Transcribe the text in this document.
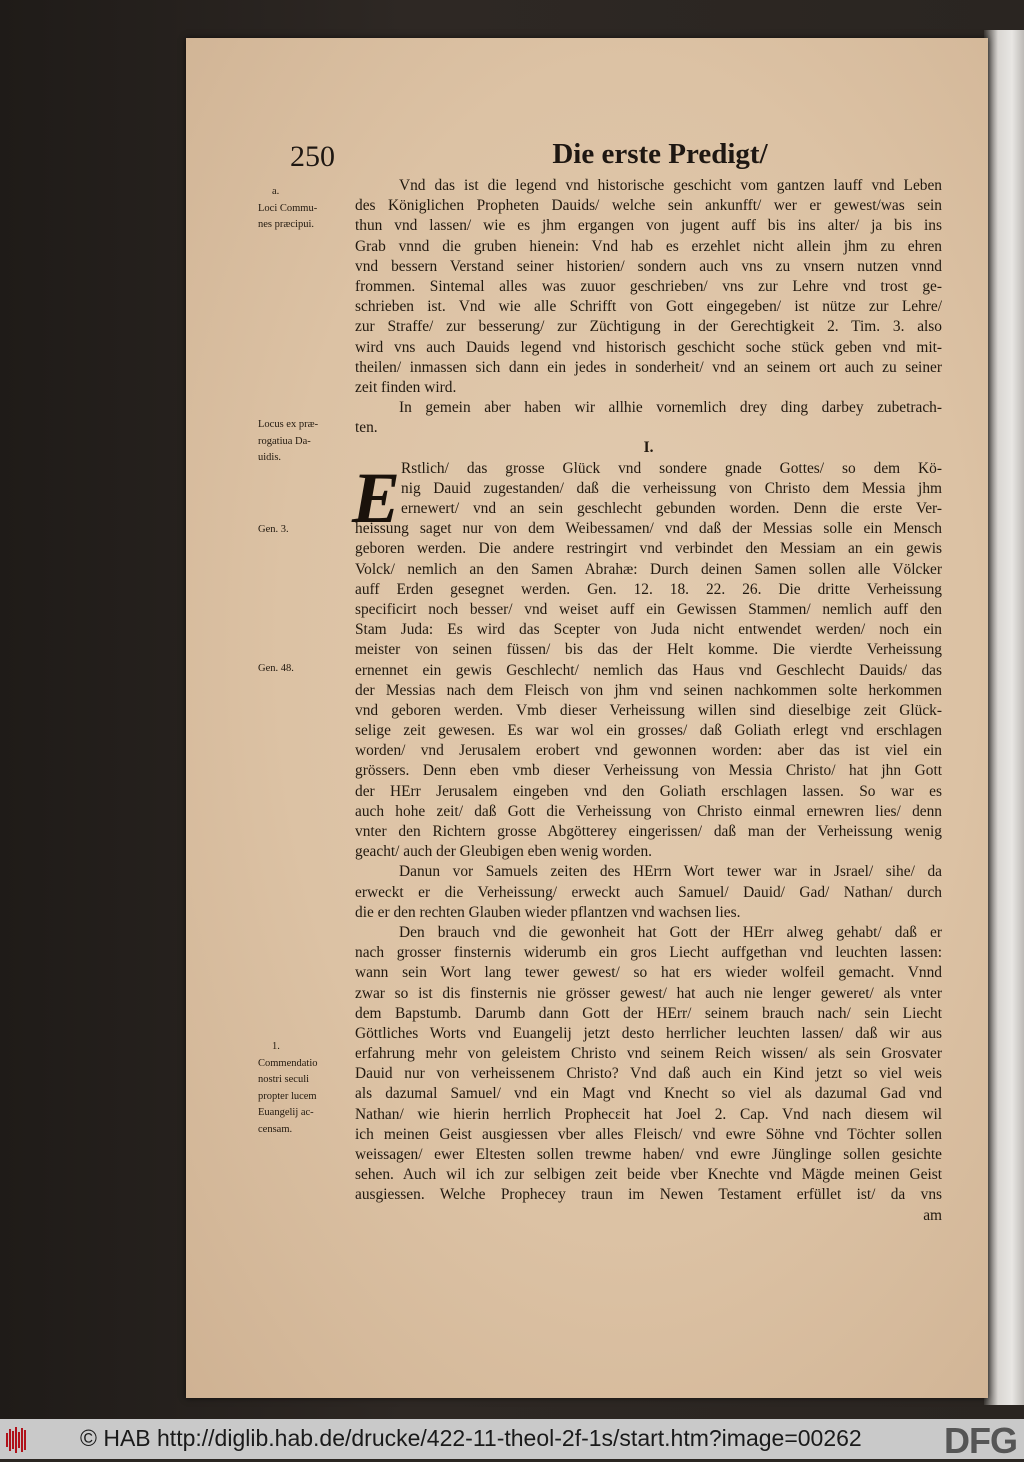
250	Die erste Predigt/
E
Vnd das ist die legend vnd historische geschicht vom gantzen lauff vnd Leben
des Königlichen Propheten Dauids/ welche sein ankunfft/ wer er gewest/was sein
thun vnd lassen/ wie es jhm ergangen von jugent auff bis ins alter/ ja bis ins
Grab vnnd die gruben hienein: Vnd hab es erzehlet nicht allein jhm zu ehren
vnd bessern Verstand seiner historien/ sondern auch vns zu vnsern nutzen vnnd
frommen. Sintemal alles was zuuor geschrieben/ vns zur Lehre vnd trost ge-
schrieben ist. Vnd wie alle Schrifft von Gott eingegeben/ ist nütze zur Lehre/
zur Straffe/ zur besserung/ zur Züchtigung in der Gerechtigkeit 2. Tim. 3. also
wird vns auch Dauids legend vnd historisch geschicht soche stück geben vnd mit-
theilen/ inmassen sich dann ein jedes in sonderheit/ vnd an seinem ort auch zu seiner
zeit finden wird.
In gemein aber haben wir allhie vornemlich drey ding darbey zubetrach-
ten.
I.
Rstlich/ das grosse Glück vnd sondere gnade Gottes/ so dem Kö-
nig Dauid zugestanden/ daß die verheissung von Christo dem Messia jhm
ernewert/ vnd an sein geschlecht gebunden worden. Denn die erste Ver-
heissung saget nur von dem Weibessamen/ vnd daß der Messias solle ein Mensch
geboren werden. Die andere restringirt vnd verbindet den Messiam an ein gewis
Volck/ nemlich an den Samen Abrahæ: Durch deinen Samen sollen alle Völcker
auff Erden gesegnet werden. Gen. 12. 18. 22. 26. Die dritte Verheissung
specificirt noch besser/ vnd weiset auff ein Gewissen Stammen/ nemlich auff den
Stam Juda: Es wird das Scepter von Juda nicht entwendet werden/ noch ein
meister von seinen füssen/ bis das der Helt komme. Die vierdte Verheissung
ernennet ein gewis Geschlecht/ nemlich das Haus vnd Geschlecht Dauids/ das
der Messias nach dem Fleisch von jhm vnd seinen nachkommen solte herkommen
vnd geboren werden. Vmb dieser Verheissung willen sind dieselbige zeit Glück-
selige zeit gewesen. Es war wol ein grosses/ daß Goliath erlegt vnd erschlagen
worden/ vnd Jerusalem erobert vnd gewonnen worden: aber das ist viel ein
grössers. Denn eben vmb dieser Verheissung von Messia Christo/ hat jhn Gott
der HErr Jerusalem eingeben vnd den Goliath erschlagen lassen. So war es
auch hohe zeit/ daß Gott die Verheissung von Christo einmal ernewren lies/ denn
vnter den Richtern grosse Abgötterey eingerissen/ daß man der Verheissung wenig
geacht/ auch der Gleubigen eben wenig worden.
Danun vor Samuels zeiten des HErrn Wort tewer war in Jsrael/ sihe/ da
erweckt er die Verheissung/ erweckt auch Samuel/ Dauid/ Gad/ Nathan/ durch
die er den rechten Glauben wieder pflantzen vnd wachsen lies.
Den brauch vnd die gewonheit hat Gott der HErr alweg gehabt/ daß er
nach grosser finsternis widerumb ein gros Liecht auffgethan vnd leuchten lassen:
wann sein Wort lang tewer gewest/ so hat ers wieder wolfeil gemacht. Vnnd
zwar so ist dis finsternis nie grösser gewest/ hat auch nie lenger geweret/ als vnter
dem Bapstumb. Darumb dann Gott der HErr/ seinem brauch nach/ sein Liecht
Göttliches Worts vnd Euangelij jetzt desto herrlicher leuchten lassen/ daß wir aus
erfahrung mehr von geleistem Christo vnd seinem Reich wissen/ als sein Grosvater
Dauid nur von verheissenem Christo? Vnd daß auch ein Kind jetzt so viel weis
als dazumal Samuel/ vnd ein Magt vnd Knecht so viel als dazumal Gad vnd
Nathan/ wie hierin herrlich Prophecεit hat Joel 2. Cap. Vnd nach diesem wil
ich meinen Geist ausgiessen vber alles Fleisch/ vnd ewre Söhne vnd Töchter sollen
weissagen/ ewer Eltesten sollen trewme haben/ vnd ewre Jünglinge sollen gesichte
sehen. Auch wil ich zur selbigen zeit beide vber Knechte vnd Mägde meinen Geist
ausgiessen. Welche Prophecey traun im Newen Testament erfüllet ist/ da vns
am
a.
Loci Commu-
nes præcipui.
Locus ex præ-
rogatiua Da-
uidis.
Gen. 3.
Gen. 48.
1.
Commendatio
nostri seculi
propter lucem
Euangelij ac-
censam.
© HAB http://diglib.hab.de/drucke/422-11-theol-2f-1s/start.htm?image=00262 DFG
